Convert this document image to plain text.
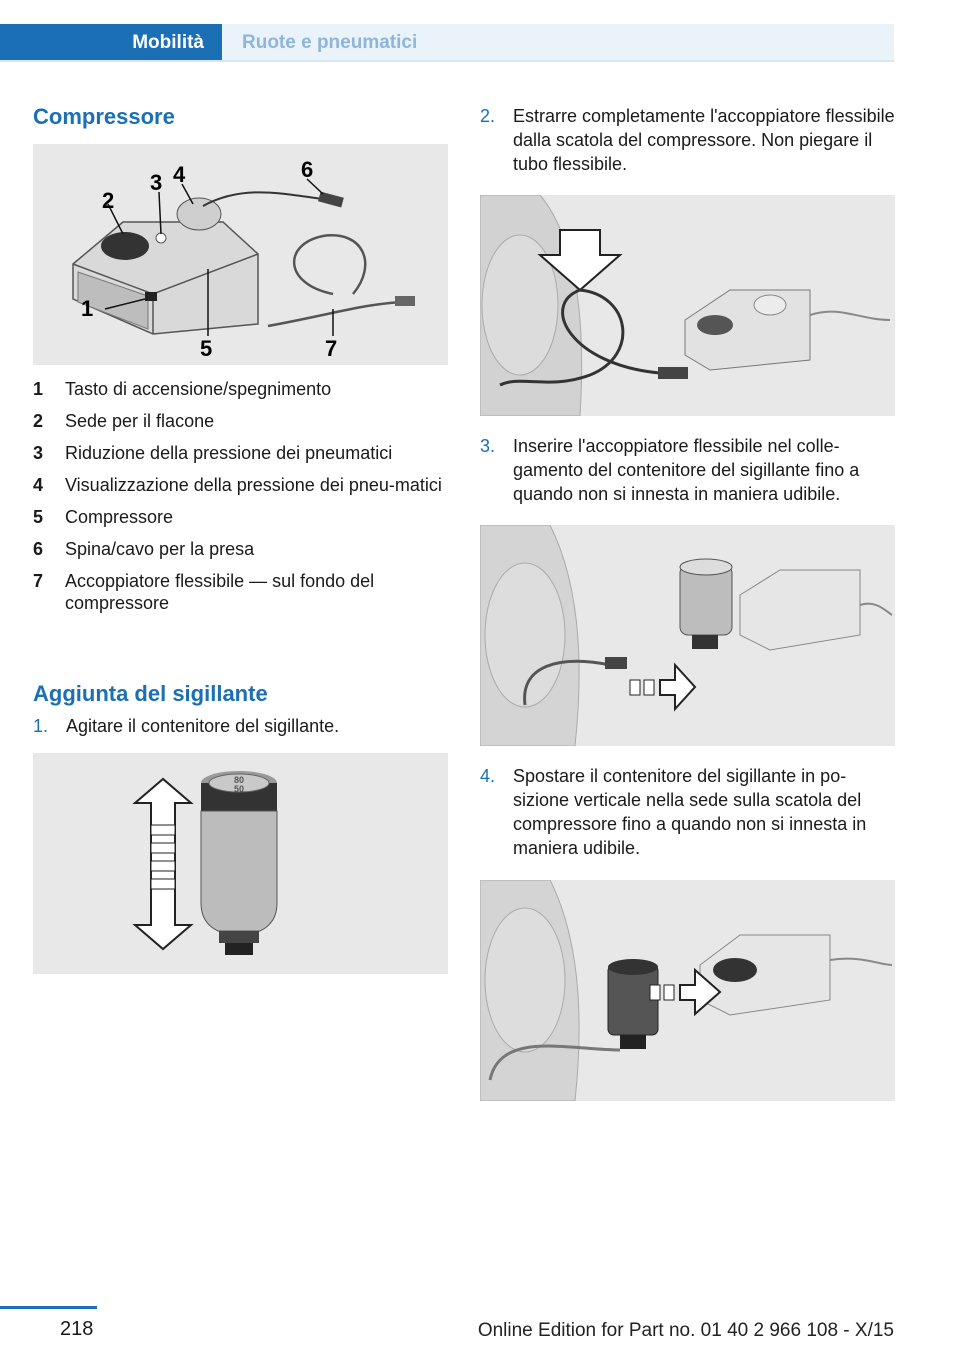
Mobilità Ruote e pneumatici
Compressore
2
3 4	6
1
5	7
1	Tasto di accensione/spegnimento
2	Sede per il flacone
3	Riduzione della pressione dei pneumatici
4	Visualizzazione della pressione dei pneu-matici
5	Compressore
6	Spina/cavo per la presa
7	Accoppiatore flessibile — sul fondo del compressore
Aggiunta del sigillante
1. Agitare il contenitore del sigillante.
80
50
2. Estrarre completamente l'accoppiatore flessibile dalla scatola del compressore. Non piegare il tubo flessibile.
3. Inserire l'accoppiatore flessibile nel colle-gamento del contenitore del sigillante fino a quando non si innesta in maniera udibile.
4. Spostare il contenitore del sigillante in po-sizione verticale nella sede sulla scatola del compressore fino a quando non si innesta in maniera udibile.
218	Online Edition for Part no. 01 40 2 966 108 - X/15
